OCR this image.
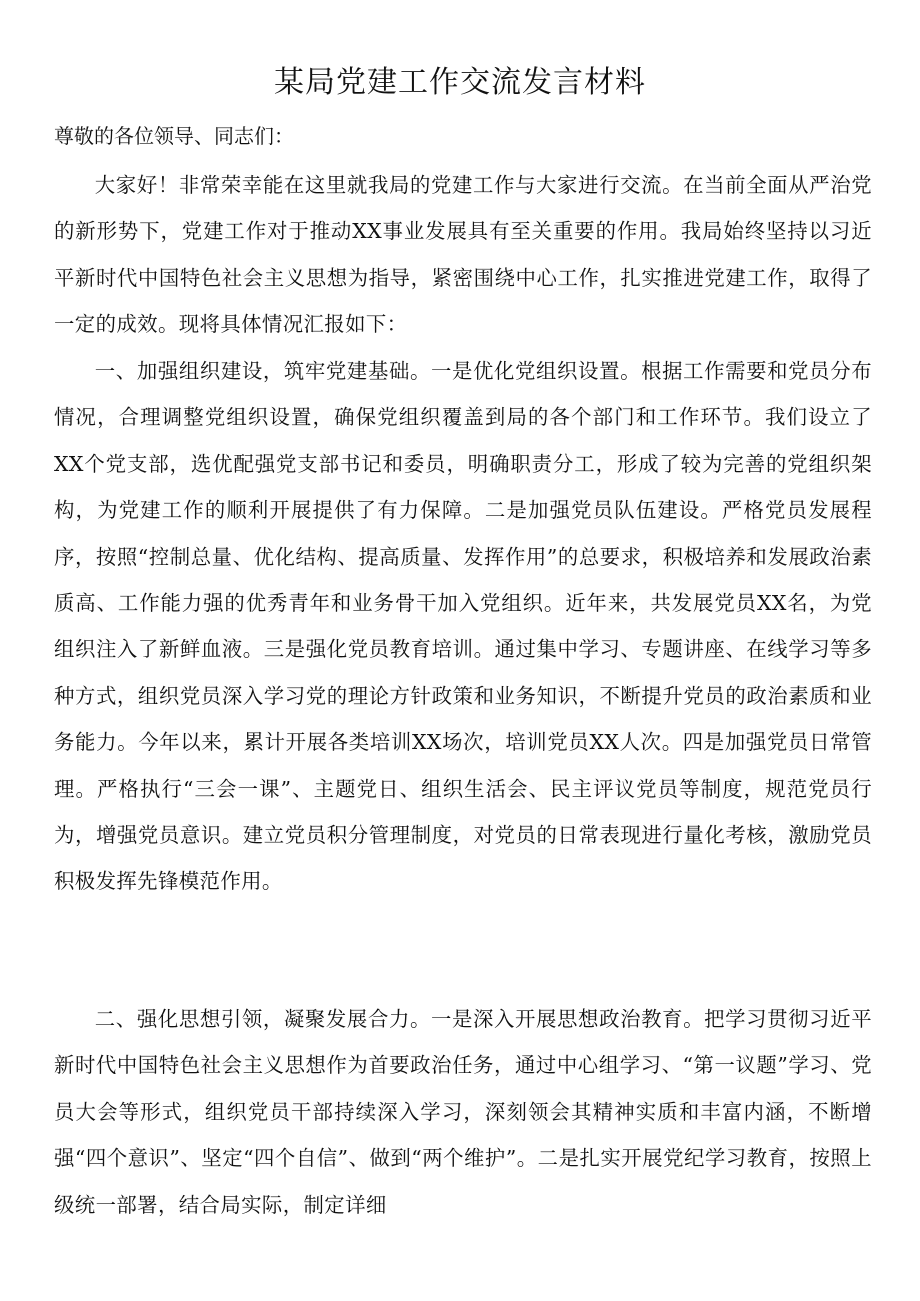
某局党建工作交流发言材料

尊敬的各位领导、同志们：

大家好！非常荣幸能在这里就我局的党建工作与大家进行交流。在当前全面从严治党的新形势下，党建工作对于推动XX事业发展具有至关重要的作用。我局始终坚持以习近平新时代中国特色社会主义思想为指导，紧密围绕中心工作，扎实推进党建工作，取得了一定的成效。现将具体情况汇报如下：

一、加强组织建设，筑牢党建基础。一是优化党组织设置。根据工作需要和党员分布情况，合理调整党组织设置，确保党组织覆盖到局的各个部门和工作环节。我们设立了XX个党支部，选优配强党支部书记和委员，明确职责分工，形成了较为完善的党组织架构，为党建工作的顺利开展提供了有力保障。二是加强党员队伍建设。严格党员发展程序，按照“控制总量、优化结构、提高质量、发挥作用”的总要求，积极培养和发展政治素质高、工作能力强的优秀青年和业务骨干加入党组织。近年来，共发展党员XX名，为党组织注入了新鲜血液。三是强化党员教育培训。通过集中学习、专题讲座、在线学习等多种方式，组织党员深入学习党的理论方针政策和业务知识，不断提升党员的政治素质和业务能力。今年以来，累计开展各类培训XX场次，培训党员XX人次。四是加强党员日常管理。严格执行“三会一课”、主题党日、组织生活会、民主评议党员等制度，规范党员行为，增强党员意识。建立党员积分管理制度，对党员的日常表现进行量化考核，激励党员积极发挥先锋模范作用。

二、强化思想引领，凝聚发展合力。一是深入开展思想政治教育。把学习贯彻习近平新时代中国特色社会主义思想作为首要政治任务，通过中心组学习、“第一议题”学习、党员大会等形式，组织党员干部持续深入学习，深刻领会其精神实质和丰富内涵，不断增强“四个意识”、坚定“四个自信”、做到“两个维护”。二是扎实开展党纪学习教育，按照上级统一部署，结合局实际，制定详细
